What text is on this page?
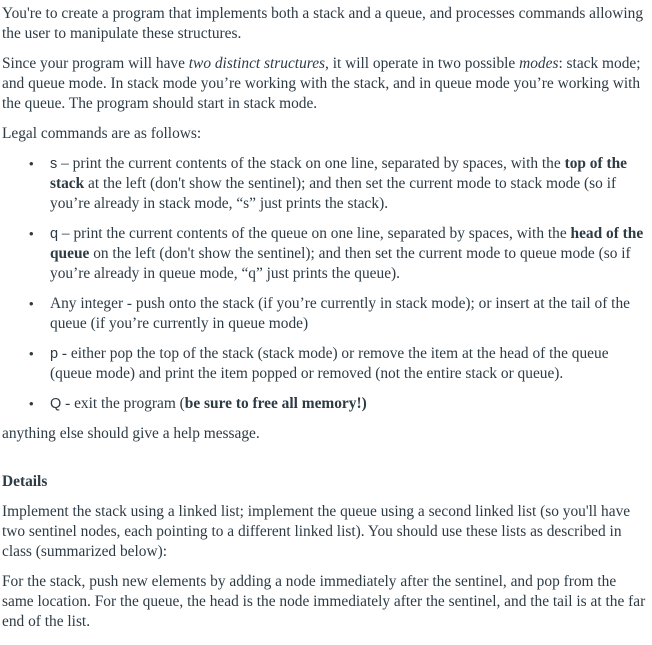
You're to create a program that implements both a stack and a queue, and processes commands allowing the user to manipulate these structures.

Since your program will have two distinct structures, it will operate in two possible modes: stack mode; and queue mode. In stack mode you’re working with the stack, and in queue mode you’re working with the queue. The program should start in stack mode.

Legal commands are as follows:

• s – print the current contents of the stack on one line, separated by spaces, with the top of the stack at the left (don't show the sentinel); and then set the current mode to stack mode (so if you’re already in stack mode, “s” just prints the stack).
• q – print the current contents of the queue on one line, separated by spaces, with the head of the queue on the left (don't show the sentinel); and then set the current mode to queue mode (so if you’re already in queue mode, “q” just prints the queue).
• Any integer - push onto the stack (if you’re currently in stack mode); or insert at the tail of the queue (if you’re currently in queue mode)
• p - either pop the top of the stack (stack mode) or remove the item at the head of the queue (queue mode) and print the item popped or removed (not the entire stack or queue).
• Q - exit the program (be sure to free all memory!)

anything else should give a help message.

Details

Implement the stack using a linked list; implement the queue using a second linked list (so you'll have two sentinel nodes, each pointing to a different linked list). You should use these lists as described in class (summarized below):

For the stack, push new elements by adding a node immediately after the sentinel, and pop from the same location. For the queue, the head is the node immediately after the sentinel, and the tail is at the far end of the list.
